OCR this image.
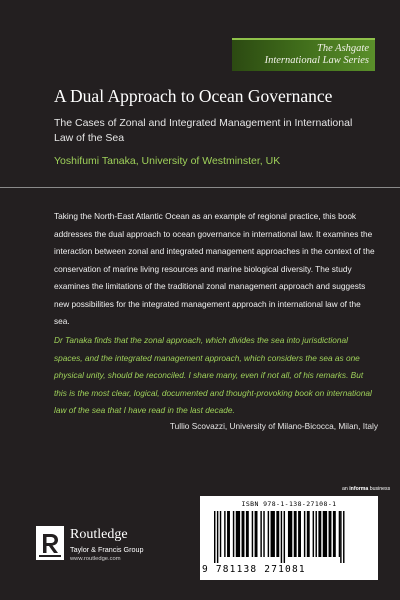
The Ashgate
International Law Series
A Dual Approach to Ocean Governance
The Cases of Zonal and Integrated Management in International Law of the Sea
Yoshifumi Tanaka, University of Westminster, UK

Taking the North-East Atlantic Ocean as an example of regional practice, this book addresses the dual approach to ocean governance in international law. It examines the interaction between zonal and integrated management approaches in the context of the conservation of marine living resources and marine biological diversity. The study examines the limitations of the traditional zonal management approach and suggests new possibilities for the integrated management approach in international law of the sea.

Dr Tanaka finds that the zonal approach, which divides the sea into jurisdictional spaces, and the integrated management approach, which considers the sea as one physical unity, should be reconciled. I share many, even if not all, of his remarks. But this is the most clear, logical, documented and thought-provoking book on international law of the sea that I have read in the last decade.

Tullio Scovazzi, University of Milano-Bicocca, Milan, Italy
an informa business
Routledge
Taylor & Francis Group
www.routledge.com
ISBN 978-1-138-27108-1
9 781138 271081
